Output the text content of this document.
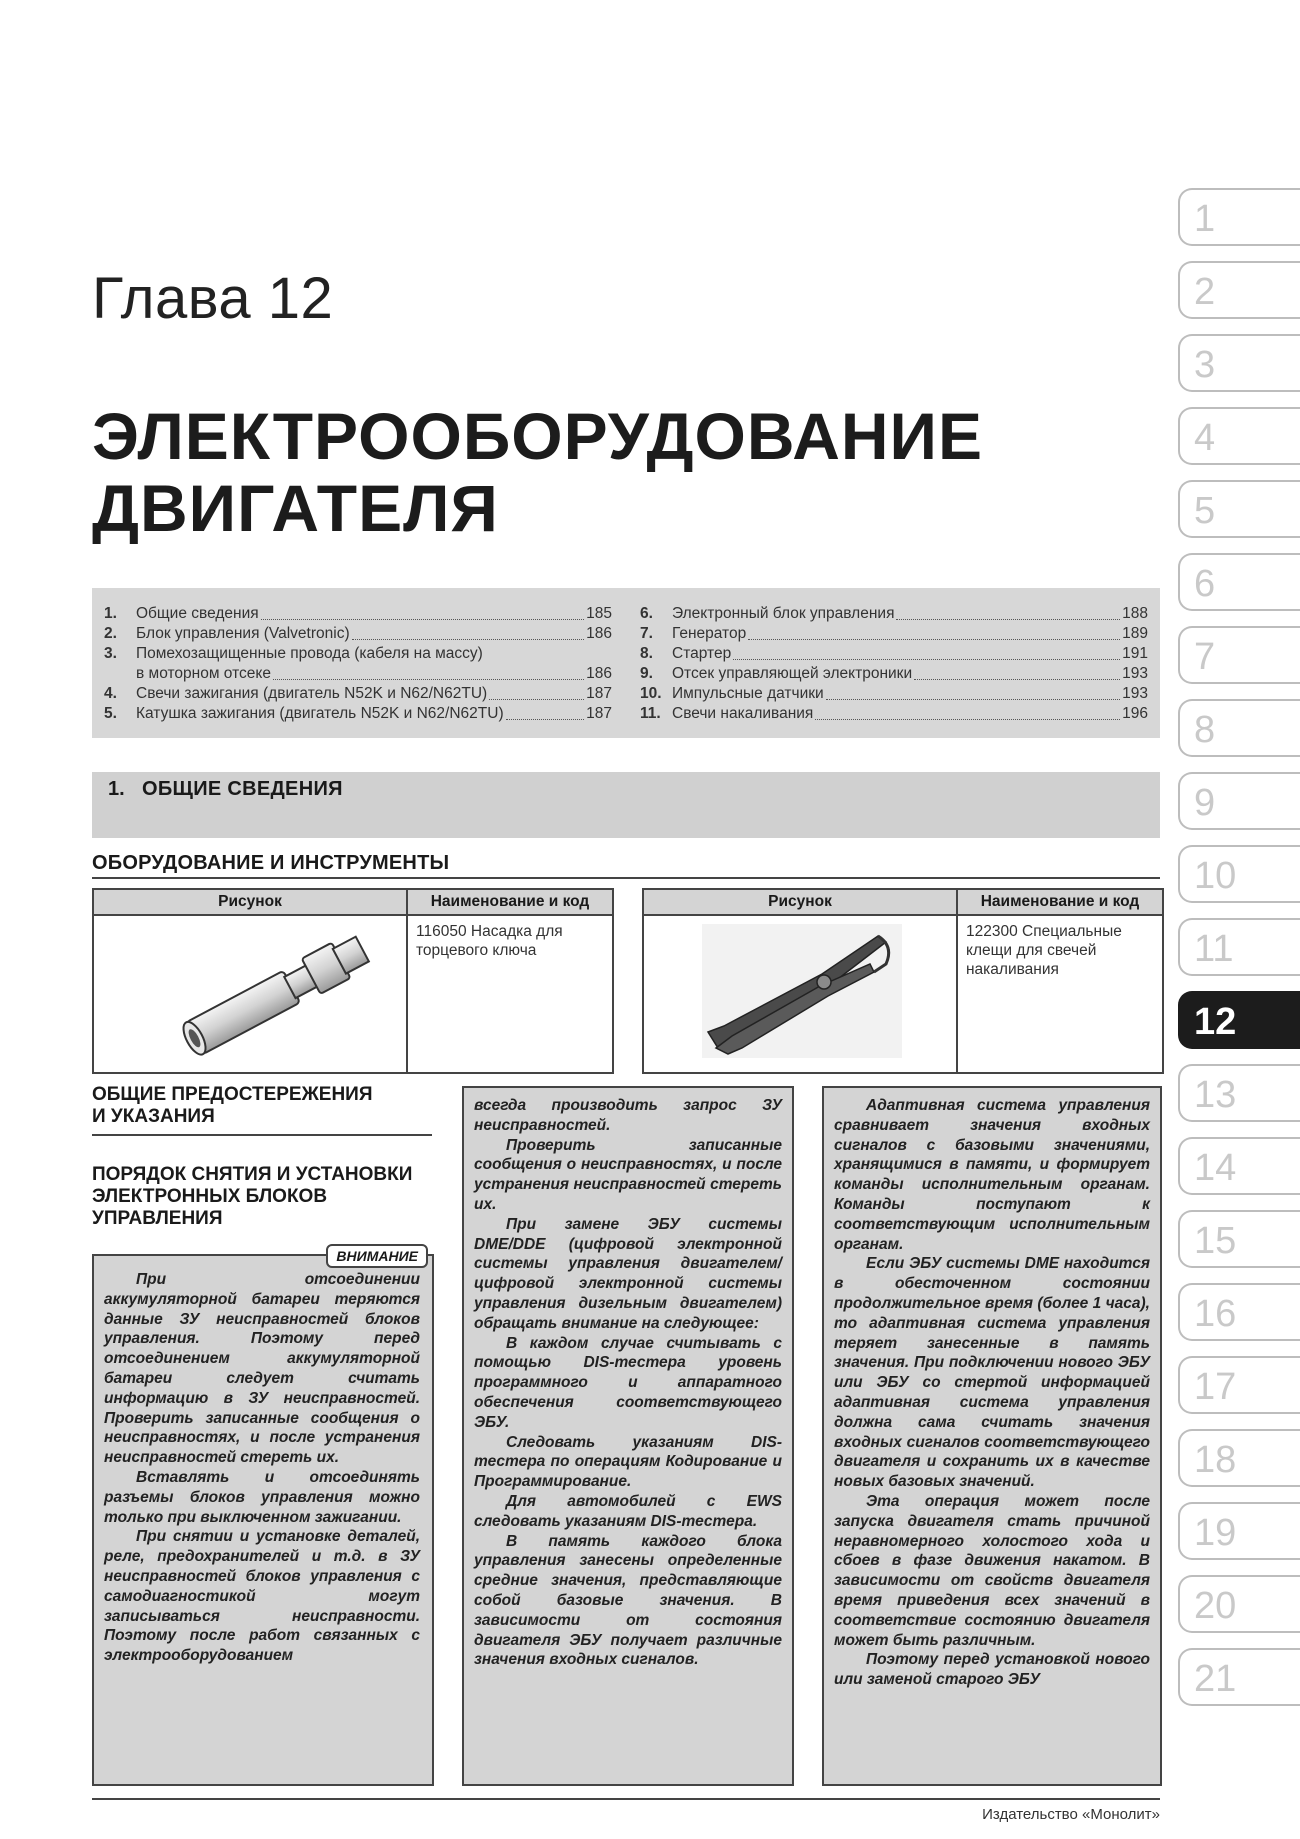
Глава 12
ЭЛЕКТРООБОРУДОВАНИЕ
ДВИГАТЕЛЯ
1.	Общие сведения	185
2.	Блок управления (Valvetronic)	186
3.	Помехозащищенные провода (кабеля на массу)
в моторном отсеке	186
4.	Свечи зажигания (двигатель N52K и N62/N62TU)	187
5.	Катушка зажигания (двигатель N52K и N62/N62TU)	187
6.	Электронный блок управления	188
7.	Генератор	189
8.	Стартер	191
9.	Отсек управляющей электроники	193
10. Импульсные датчики	193
11. Свечи накаливания	196
1. ОБЩИЕ СВЕДЕНИЯ
ОБОРУДОВАНИЕ И ИНСТРУМЕНТЫ
Рисунок	Наименование и код
116050 Насадка для
торцевого ключа
Рисунок	Наименование и код
122300 Специальные
клещи для свечей
накаливания
ОБЩИЕ ПРЕДОСТЕРЕЖЕНИЯ
И УКАЗАНИЯ
ПОРЯДОК СНЯТИЯ И УСТАНОВКИ
ЭЛЕКТРОННЫХ БЛОКОВ
УПРАВЛЕНИЯ
ВНИМАНИЕ

При отсоединении аккумуляторной батареи теряются данные ЗУ неисправностей блоков управления. Поэтому перед отсоединением аккумуляторной батареи следует считать информацию в ЗУ неисправностей. Проверить записанные сообщения о неисправностях, и после устранения неисправностей стереть их.

Вставлять и отсоединять разъемы блоков управления можно только при выключенном зажигании.

При снятии и установке деталей, реле, предохранителей и т.д. в ЗУ неисправностей блоков управления с самодиагностикой могут записываться неисправности. Поэтому после работ связанных с электрооборудованием

всегда производить запрос ЗУ неисправностей.

Проверить записанные сообщения о неисправностях, и после устранения неисправностей стереть их.

При замене ЭБУ системы DME/DDE (цифровой электронной системы управления двигателем/цифровой электронной системы управления дизельным двигателем) обращать внимание на следующее:

В каждом случае считывать с помощью DIS-тестера уровень программного и аппаратного обеспечения соответствующего ЭБУ.

Следовать указаниям DIS-тестера по операциям Кодирование и Программирование.

Для автомобилей с EWS следовать указаниям DIS-тестера.

В память каждого блока управления занесены определенные средние значения, представляющие собой базовые значения. В зависимости от состояния двигателя ЭБУ получает различные значения входных сигналов.

Адаптивная система управления сравнивает значения входных сигналов с базовыми значениями, хранящимися в памяти, и формирует команды исполнительным органам. Команды поступают к соответствующим исполнительным органам.

Если ЭБУ системы DME находится в обесточенном состоянии продолжительное время (более 1 часа), то адаптивная система управления теряет занесенные в память значения. При подключении нового ЭБУ или ЭБУ со стертой информацией адаптивная система управления должна сама считать значения входных сигналов соответствующего двигателя и сохранить их в качестве новых базовых значений.

Эта операция может после запуска двигателя стать причиной неравномерного холостого хода и сбоев в фазе движения накатом. В зависимости от свойств двигателя время приведения всех значений в соответствие состоянию двигателя может быть различным.

Поэтому перед установкой нового или заменой старого ЭБУ

Издательство «Монолит»
1
2
3
4
5
6
7
8
9
10
11
12
13
14
15
16
17
18
19
20
21
